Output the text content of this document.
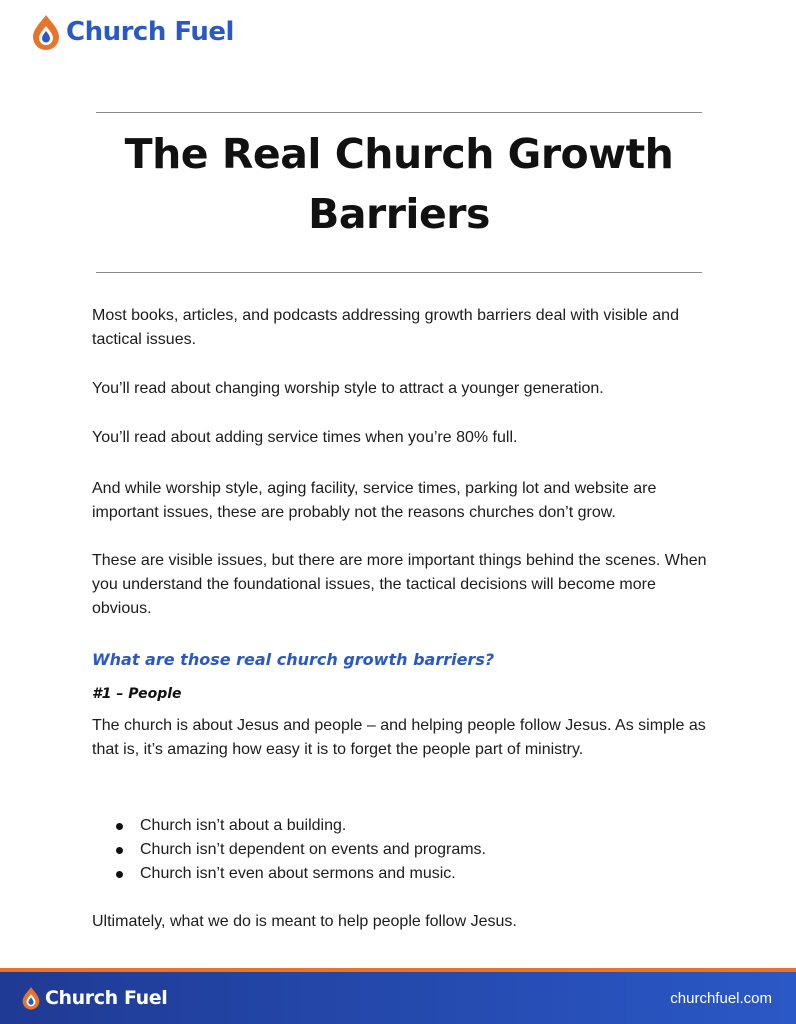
Church Fuel
The Real Church Growth
Barriers

Most books, articles, and podcasts addressing growth barriers deal with visible and tactical issues.

You’ll read about changing worship style to attract a younger generation.

You’ll read about adding service times when you’re 80% full.

And while worship style, aging facility, service times, parking lot and website are important issues, these are probably not the reasons churches don’t grow.

These are visible issues, but there are more important things behind the scenes. When you understand the foundational issues, the tactical decisions will become more obvious.

What are those real church growth barriers?
#1 – People

The church is about Jesus and people – and helping people follow Jesus. As simple as that is, it’s amazing how easy it is to forget the people part of ministry.

Church isn’t about a building.
Church isn’t dependent on events and programs.
Church isn’t even about sermons and music.

Ultimately, what we do is meant to help people follow Jesus.

Church Fuel	churchfuel.com
